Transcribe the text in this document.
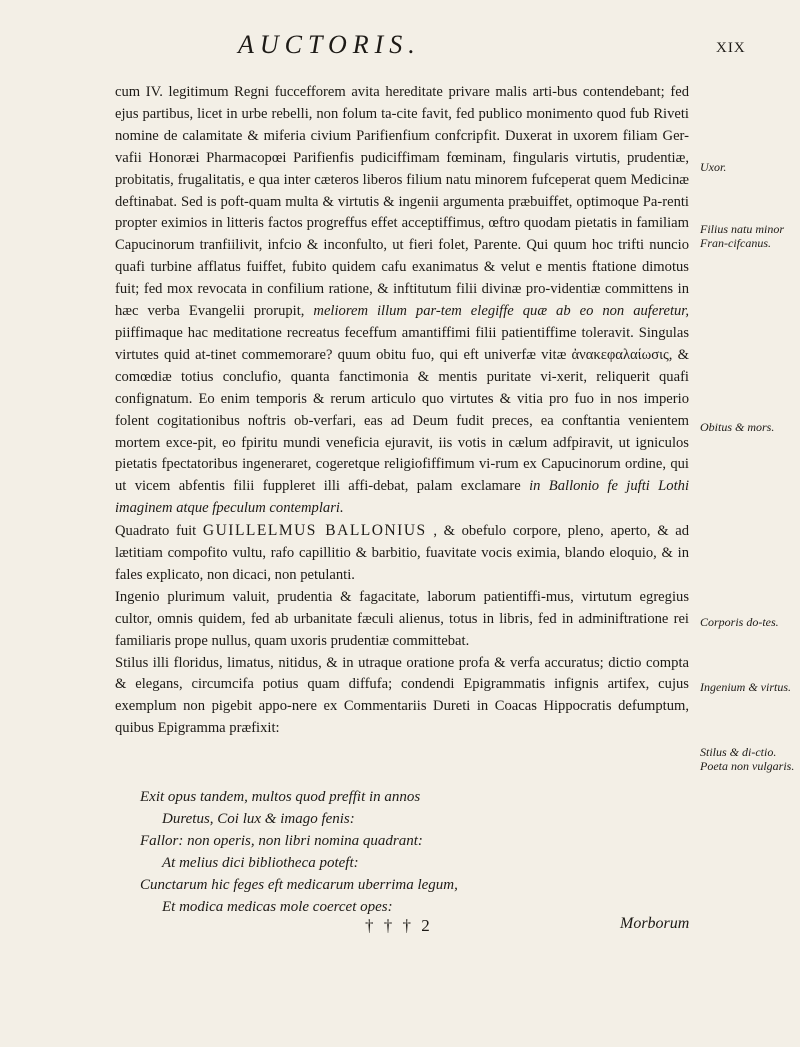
AUCTORIS.	XIX

cum IV. legitimum Regni fuccefforem avita hereditate privare malis arti-bus contendebant; fed ejus partibus, licet in urbe rebelli, non folum ta-cite favit, fed publico monimento quod fub Riveti nomine de calamitate & miferia civium Parifienfium confcripfit. Duxerat in uxorem filiam Ger-vafii Honoræi Pharmacopœi Parifienfis pudiciffimam fœminam, fingularis virtutis, prudentiæ, probitatis, frugalitatis, e qua inter cæteros liberos filium natu minorem fufceperat quem Medicinæ deftinabat. Sed is poft-quam multa & virtutis & ingenii argumenta præbuiffet, optimoque Pa-renti propter eximios in litteris factos progreffus effet acceptiffimus, œftro quodam pietatis in familiam Capucinorum tranfiilivit, infcio & inconfulto, ut fieri folet, Parente. Qui quum hoc trifti nuncio quafi turbine afflatus fuiffet, fubito quidem cafu exanimatus & velut e mentis ftatione dimotus fuit; fed mox revocata in confilium ratione, & inftitutum filii divinæ pro-videntiæ committens in hæc verba Evangelii prorupit, meliorem illum par-tem elegiffe quæ ab eo non auferetur, piiffimaque hac meditatione recreatus feceffum amantiffimi filii patientiffime toleravit. Singulas virtutes quid at-tinet commemorare? quum obitu fuo, qui eft univerfæ vitæ ἀνακεφαλαίωσις, & comœdiæ totius conclufio, quanta fanctimonia & mentis puritate vi-xerit, reliquerit quafi confignatum. Eo enim temporis & rerum articulo quo virtutes & vitia pro fuo in nos imperio folent cogitationibus noftris ob-verfari, eas ad Deum fudit preces, ea conftantia venientem mortem exce-pit, eo fpiritu mundi veneficia ejuravit, iis votis in cælum adfpiravit, ut igniculos pietatis fpectatoribus ingeneraret, cogeretque religiofiffimum vi-rum ex Capucinorum ordine, qui ut vicem abfentis filii fuppleret illi affi-debat, palam exclamare in Ballonio fe jufti Lothi imaginem atque fpeculum contemplari.

Quadrato fuit GUILLELMUS BALLONIUS , & obefulo corpore, pleno, aperto, & ad lætitiam compofito vultu, rafo capillitio & barbitio, fuavitate vocis eximia, blando eloquio, & in fales explicato, non dicaci, non petulanti.

Ingenio plurimum valuit, prudentia & fagacitate, laborum patientiffi-mus, virtutum egregius cultor, omnis quidem, fed ab urbanitate fæculi alienus, totus in libris, fed in adminiftratione rei familiaris prope nullus, quam uxoris prudentiæ committebat.

Stilus illi floridus, limatus, nitidus, & in utraque oratione profa & verfa accuratus; dictio compta & elegans, circumcifa potius quam diffufa; condendi Epigrammatis infignis artifex, cujus exemplum non pigebit appo-nere ex Commentariis Dureti in Coacas Hippocratis defumptum, quibus Epigramma præfixit:

Exit opus tandem, multos quod preffit in annos
Duretus, Coi lux & imago fenis:
Fallor: non operis, non libri nomina quadrant:
At melius dici bibliotheca poteft:
Cunctarum hic feges eft medicarum uberrima legum,
Et modica medicas mole coercet opes:
† † † 2	Morborum
Uxor.
Filius natu minor Fran-cifcanus.
Obitus & mors.
Corporis do-tes.
Ingenium & virtus.
Stilus & di-ctio. Poeta non vulgaris.
